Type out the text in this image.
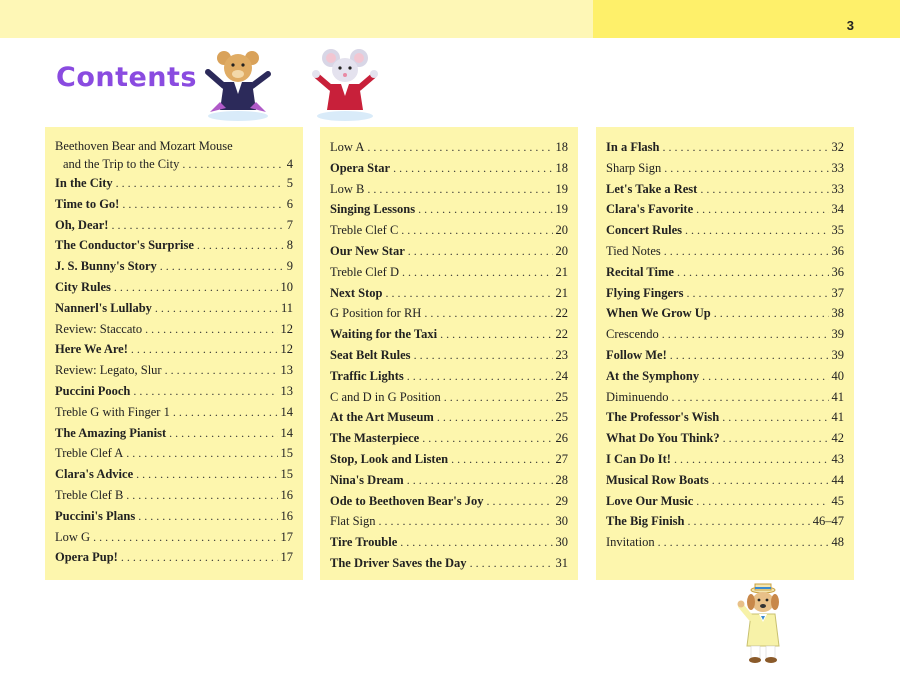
3
Contents
Beethoven Bear and Mozart Mouse
and the Trip to the City . . .	4
In the City . . .	5
Time to Go! . . .	6
Oh, Dear! . . .	7
The Conductor's Surprise . . .	8
J. S. Bunny's Story . . .	9
City Rules . . .	10
Nannerl's Lullaby . . .	11
Review: Staccato . . .	12
Here We Are! . . .	12
Review: Legato, Slur . . .	13
Puccini Pooch . . .	13
Treble G with Finger 1 . . .	14
The Amazing Pianist . . .	14
Treble Clef A . . .	15
Clara's Advice . . .	15
Treble Clef B . . .	16
Puccini's Plans . . .	16
Low G . . .	17
Opera Pup! . . .	17
Low A . . .	18
Opera Star . . .	18
Low B . . .	19
Singing Lessons . . .	19
Treble Clef C . . .	20
Our New Star . . .	20
Treble Clef D . . .	21
Next Stop . . .	21
G Position for RH . . .	22
Waiting for the Taxi . . .	22
Seat Belt Rules . . .	23
Traffic Lights . . .	24
C and D in G Position . . .	25
At the Art Museum . . .	25
The Masterpiece . . .	26
Stop, Look and Listen . . .	27
Nina's Dream . . .	28
Ode to Beethoven Bear's Joy . . .	29
Flat Sign . . .	30
Tire Trouble . . .	30
The Driver Saves the Day . . .	31
In a Flash . . .	32
Sharp Sign . . .	33
Let's Take a Rest . . .	33
Clara's Favorite . . .	34
Concert Rules . . .	35
Tied Notes . . .	36
Recital Time . . .	36
Flying Fingers . . .	37
When We Grow Up . . .	38
Crescendo . . .	39
Follow Me! . . .	39
At the Symphony . . .	40
Diminuendo . . .	41
The Professor's Wish . . .	41
What Do You Think? . . .	42
I Can Do It! . . .	43
Musical Row Boats . . .	44
Love Our Music . . .	45
The Big Finish . . .	46–47
Invitation . . .	48
